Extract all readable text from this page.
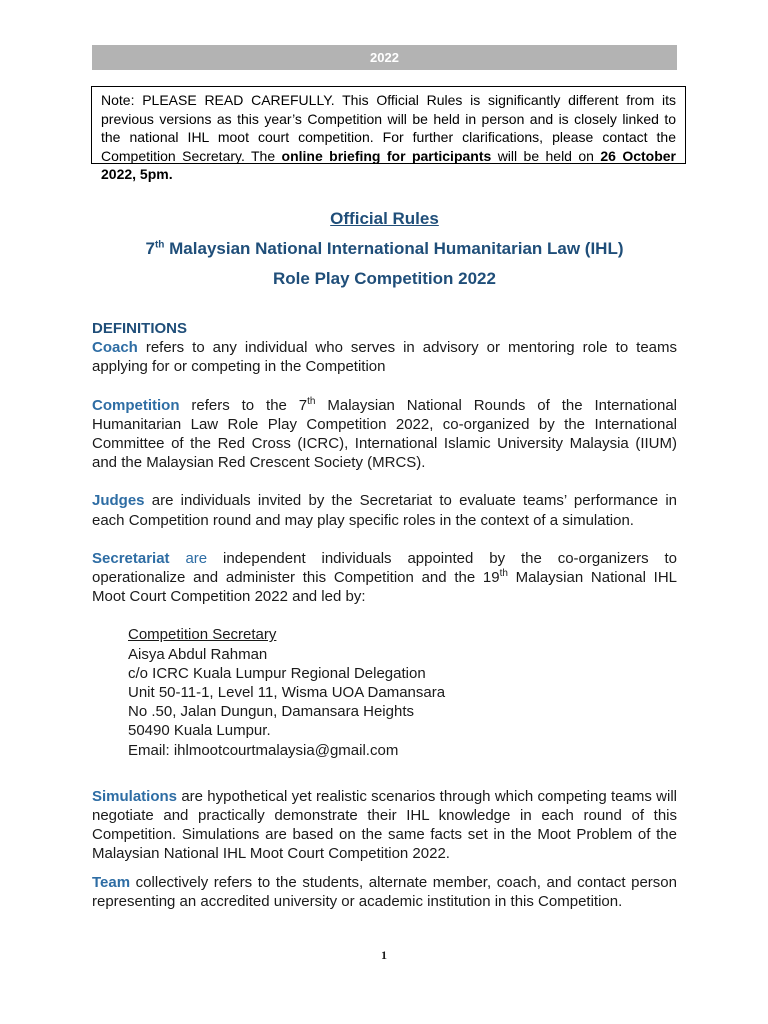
2022
Note: PLEASE READ CAREFULLY. This Official Rules is significantly different from its previous versions as this year’s Competition will be held in person and is closely linked to the national IHL moot court competition. For further clarifications, please contact the Competition Secretary. The online briefing for participants will be held on 26 October 2022, 5pm.
Official Rules
7th Malaysian National International Humanitarian Law (IHL)
Role Play Competition 2022

DEFINITIONS

Coach refers to any individual who serves in advisory or mentoring role to teams applying for or competing in the Competition

Competition refers to the 7th Malaysian National Rounds of the International Humanitarian Law Role Play Competition 2022, co-organized by the International Committee of the Red Cross (ICRC), International Islamic University Malaysia (IIUM) and the Malaysian Red Crescent Society (MRCS).

Judges are individuals invited by the Secretariat to evaluate teams’ performance in each Competition round and may play specific roles in the context of a simulation.

Secretariat are independent individuals appointed by the co-organizers to operationalize and administer this Competition and the 19th Malaysian National IHL Moot Court Competition 2022 and led by:

Competition Secretary
Aisya Abdul Rahman
c/o ICRC Kuala Lumpur Regional Delegation
Unit 50-11-1, Level 11, Wisma UOA Damansara
No .50, Jalan Dungun, Damansara Heights
50490 Kuala Lumpur.
Email: ihlmootcourtmalaysia@gmail.com

Simulations are hypothetical yet realistic scenarios through which competing teams will negotiate and practically demonstrate their IHL knowledge in each round of this Competition. Simulations are based on the same facts set in the Moot Problem of the Malaysian National IHL Moot Court Competition 2022.

Team collectively refers to the students, alternate member, coach, and contact person representing an accredited university or academic institution in this Competition.

1
